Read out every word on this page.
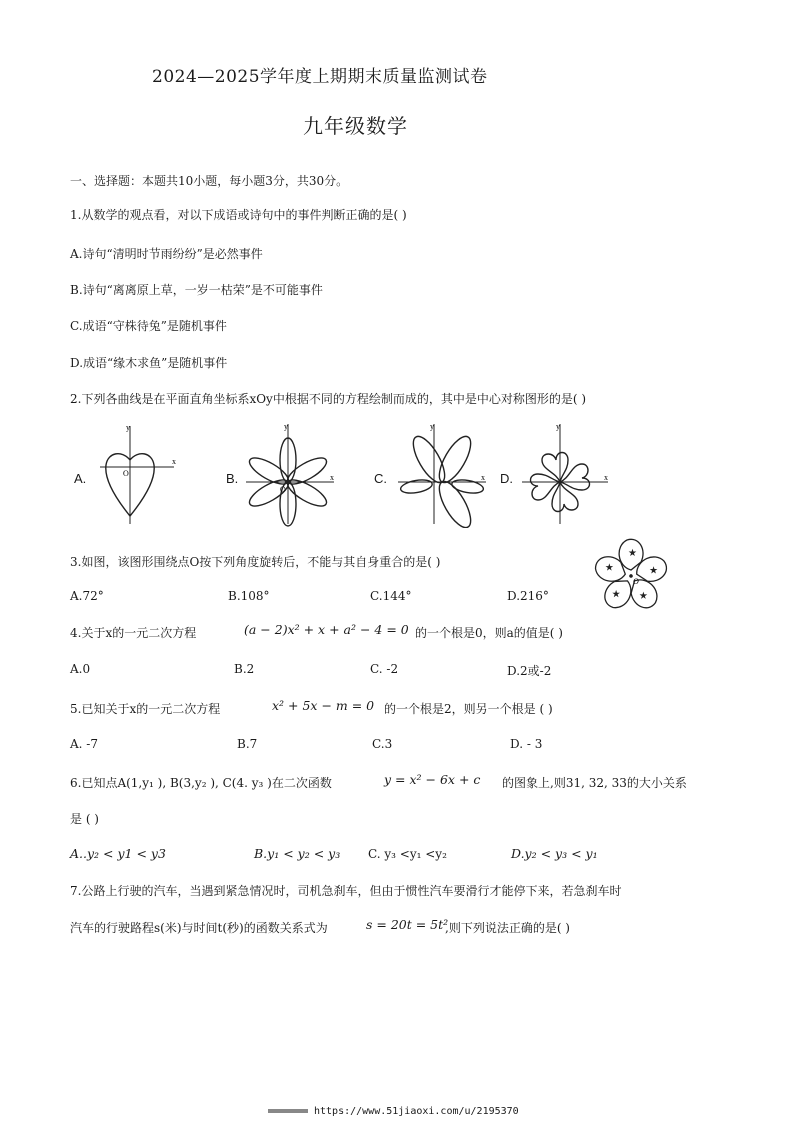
2024—2025学年度上期期末质量监测试卷
九年级数学
一、选择题：本题共10小题，每小题3分，共30分。
1.从数学的观点看，对以下成语或诗句中的事件判断正确的是( )
A.诗句“清明时节雨纷纷”是必然事件
B.诗句“离离原上草，一岁一枯荣”是不可能事件
C.成语“守株待兔”是随机事件
D.成语“缘木求鱼”是随机事件
2.下列各曲线是在平面直角坐标系xOy中根据不同的方程绘制而成的，其中是中心对称图形的是( )
A.
y
x
O	B.
y
x
O
C.
y
x D.
y
x
3.如图，该图形围绕点O按下列角度旋转后，不能与其自身重合的是( )
A.72°	B.108°	C.144°	D.216°
★
★
★
★
★
O
4.关于x的一元二次方程	(a − 2)x² + x + a² − 4 = 0 的一个根是0，则a的值是( )
A.0	B.2	C. -2	D.2或-2
5.已知关于x的一元二次方程	x² + 5x − m = 0 的一个根是2，则另一个根是 ( )
A. -7	B.7	C.3	D. - 3
6.已知点A(1,y₁ ), B(3,y₂ ), C(4. y₃ )在二次函数	y = x² − 6x + c 的图象上,则31, 32, 33的大小关系
是 ( )
A..y₂ < y1 < y3	B.y₁ < y₂ < y₃ C. y₃ <y₁ <y₂	D.y₂ < y₃ < y₁
7.公路上行驶的汽车，当遇到紧急情况时，司机急刹车，但由于惯性汽车要滑行才能停下来，若急刹车时
汽车的行驶路程s(米)与时间t(秒)的函数关系式为	s = 20t = 5t²
,则下列说法正确的是( )
https://www.51jiaoxi.com/u/2195370
